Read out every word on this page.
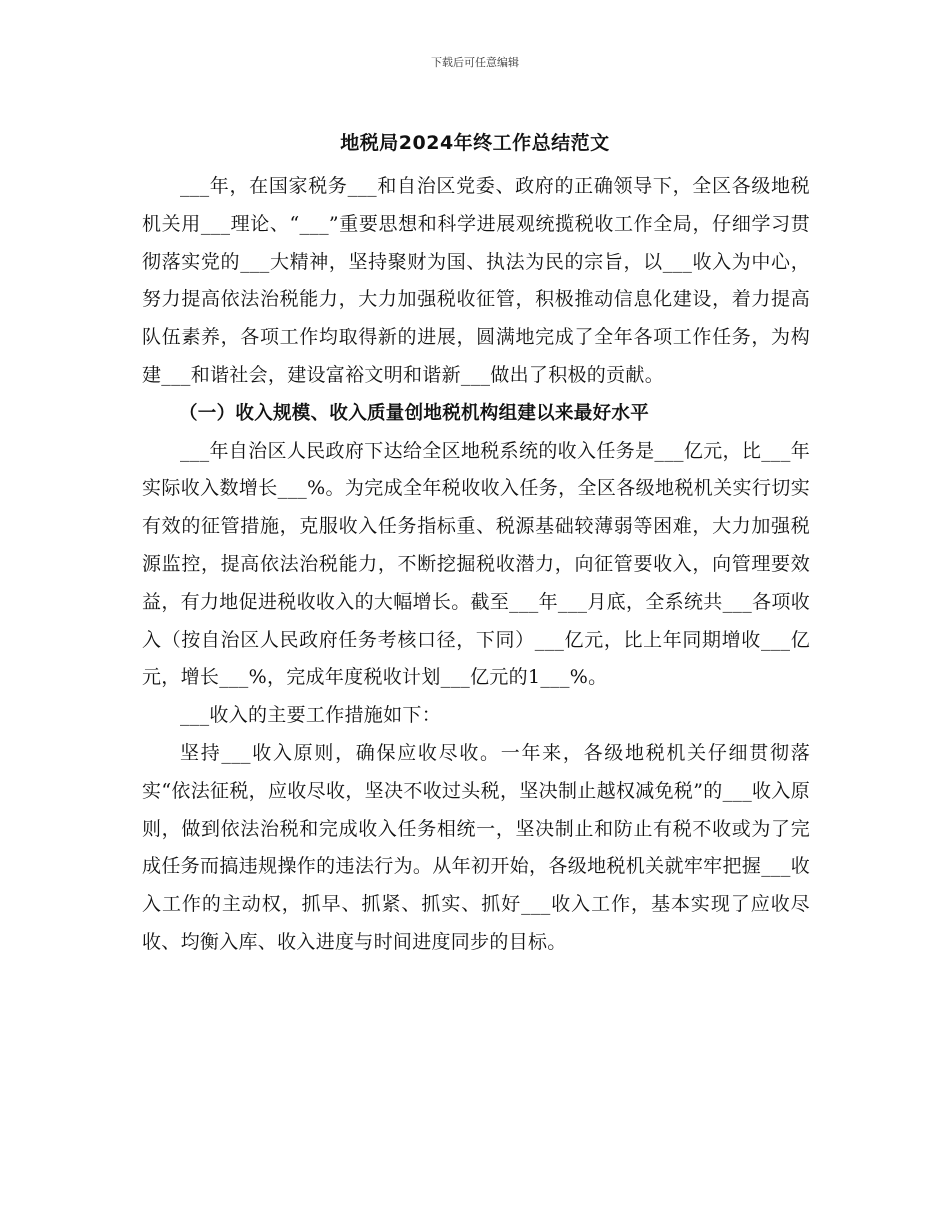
下载后可任意编辑
地税局2024年终工作总结范文

___年，在国家税务___和自治区党委、政府的正确领导下，全区各级地税机关用___理论、“___”重要思想和科学进展观统揽税收工作全局，仔细学习贯彻落实党的___大精神，坚持聚财为国、执法为民的宗旨，以___收入为中心，努力提高依法治税能力，大力加强税收征管，积极推动信息化建设，着力提高队伍素养，各项工作均取得新的进展，圆满地完成了全年各项工作任务，为构建___和谐社会，建设富裕文明和谐新___做出了积极的贡献。

（一）收入规模、收入质量创地税机构组建以来最好水平

___年自治区人民政府下达给全区地税系统的收入任务是___亿元，比___年实际收入数增长___%。为完成全年税收收入任务，全区各级地税机关实行切实有效的征管措施，克服收入任务指标重、税源基础较薄弱等困难，大力加强税源监控，提高依法治税能力，不断挖掘税收潜力，向征管要收入，向管理要效益，有力地促进税收收入的大幅增长。截至___年___月底，全系统共___各项收入（按自治区人民政府任务考核口径，下同）___亿元，比上年同期增收___亿元，增长___%，完成年度税收计划___亿元的1___%。

___收入的主要工作措施如下：

坚持___收入原则，确保应收尽收。一年来，各级地税机关仔细贯彻落实“依法征税，应收尽收，坚决不收过头税，坚决制止越权减免税”的___收入原则，做到依法治税和完成收入任务相统一，坚决制止和防止有税不收或为了完成任务而搞违规操作的违法行为。从年初开始，各级地税机关就牢牢把握___收入工作的主动权，抓早、抓紧、抓实、抓好___收入工作，基本实现了应收尽收、均衡入库、收入进度与时间进度同步的目标。
